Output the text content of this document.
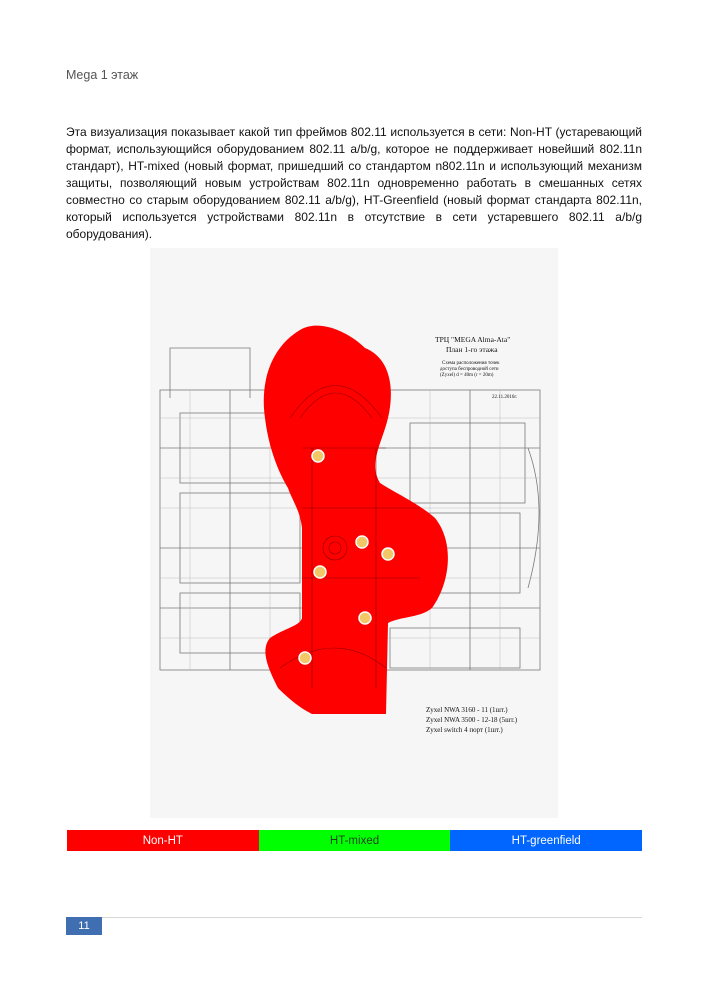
Mega 1 этаж
Эта визуализация показывает какой тип фреймов 802.11 используется в сети: Non-HT (устаревающий формат, использующийся оборудованием 802.11 a/b/g, которое не поддерживает новейший 802.11n стандарт), HT-mixed (новый формат, пришедший со стандартом n802.11n и использующий механизм защиты, позволяющий новым устройствам 802.11n одновременно работать в смешанных сетях совместно со старым оборудованием 802.11 a/b/g), HT-Greenfield (новый формат стандарта 802.11n, который используется устройствами 802.11n в отсутствие в сети устаревшего 802.11 a/b/g оборудования).
ТРЦ "MEGA Alma-Ata"
План 1-го этажа
Схема расположения точек
доступа беспроводной сети
(Zyxel) d = 40m (r = 20m)
22.11.2016г.
Zyxel NWA 3160 - 11 (1шт.)
Zyxel NWA 3500 - 12-18 (5шт.)
Zyxel switch 4 порт (1шт.)
Non-HT	HT-mixed	HT-greenfield
11
